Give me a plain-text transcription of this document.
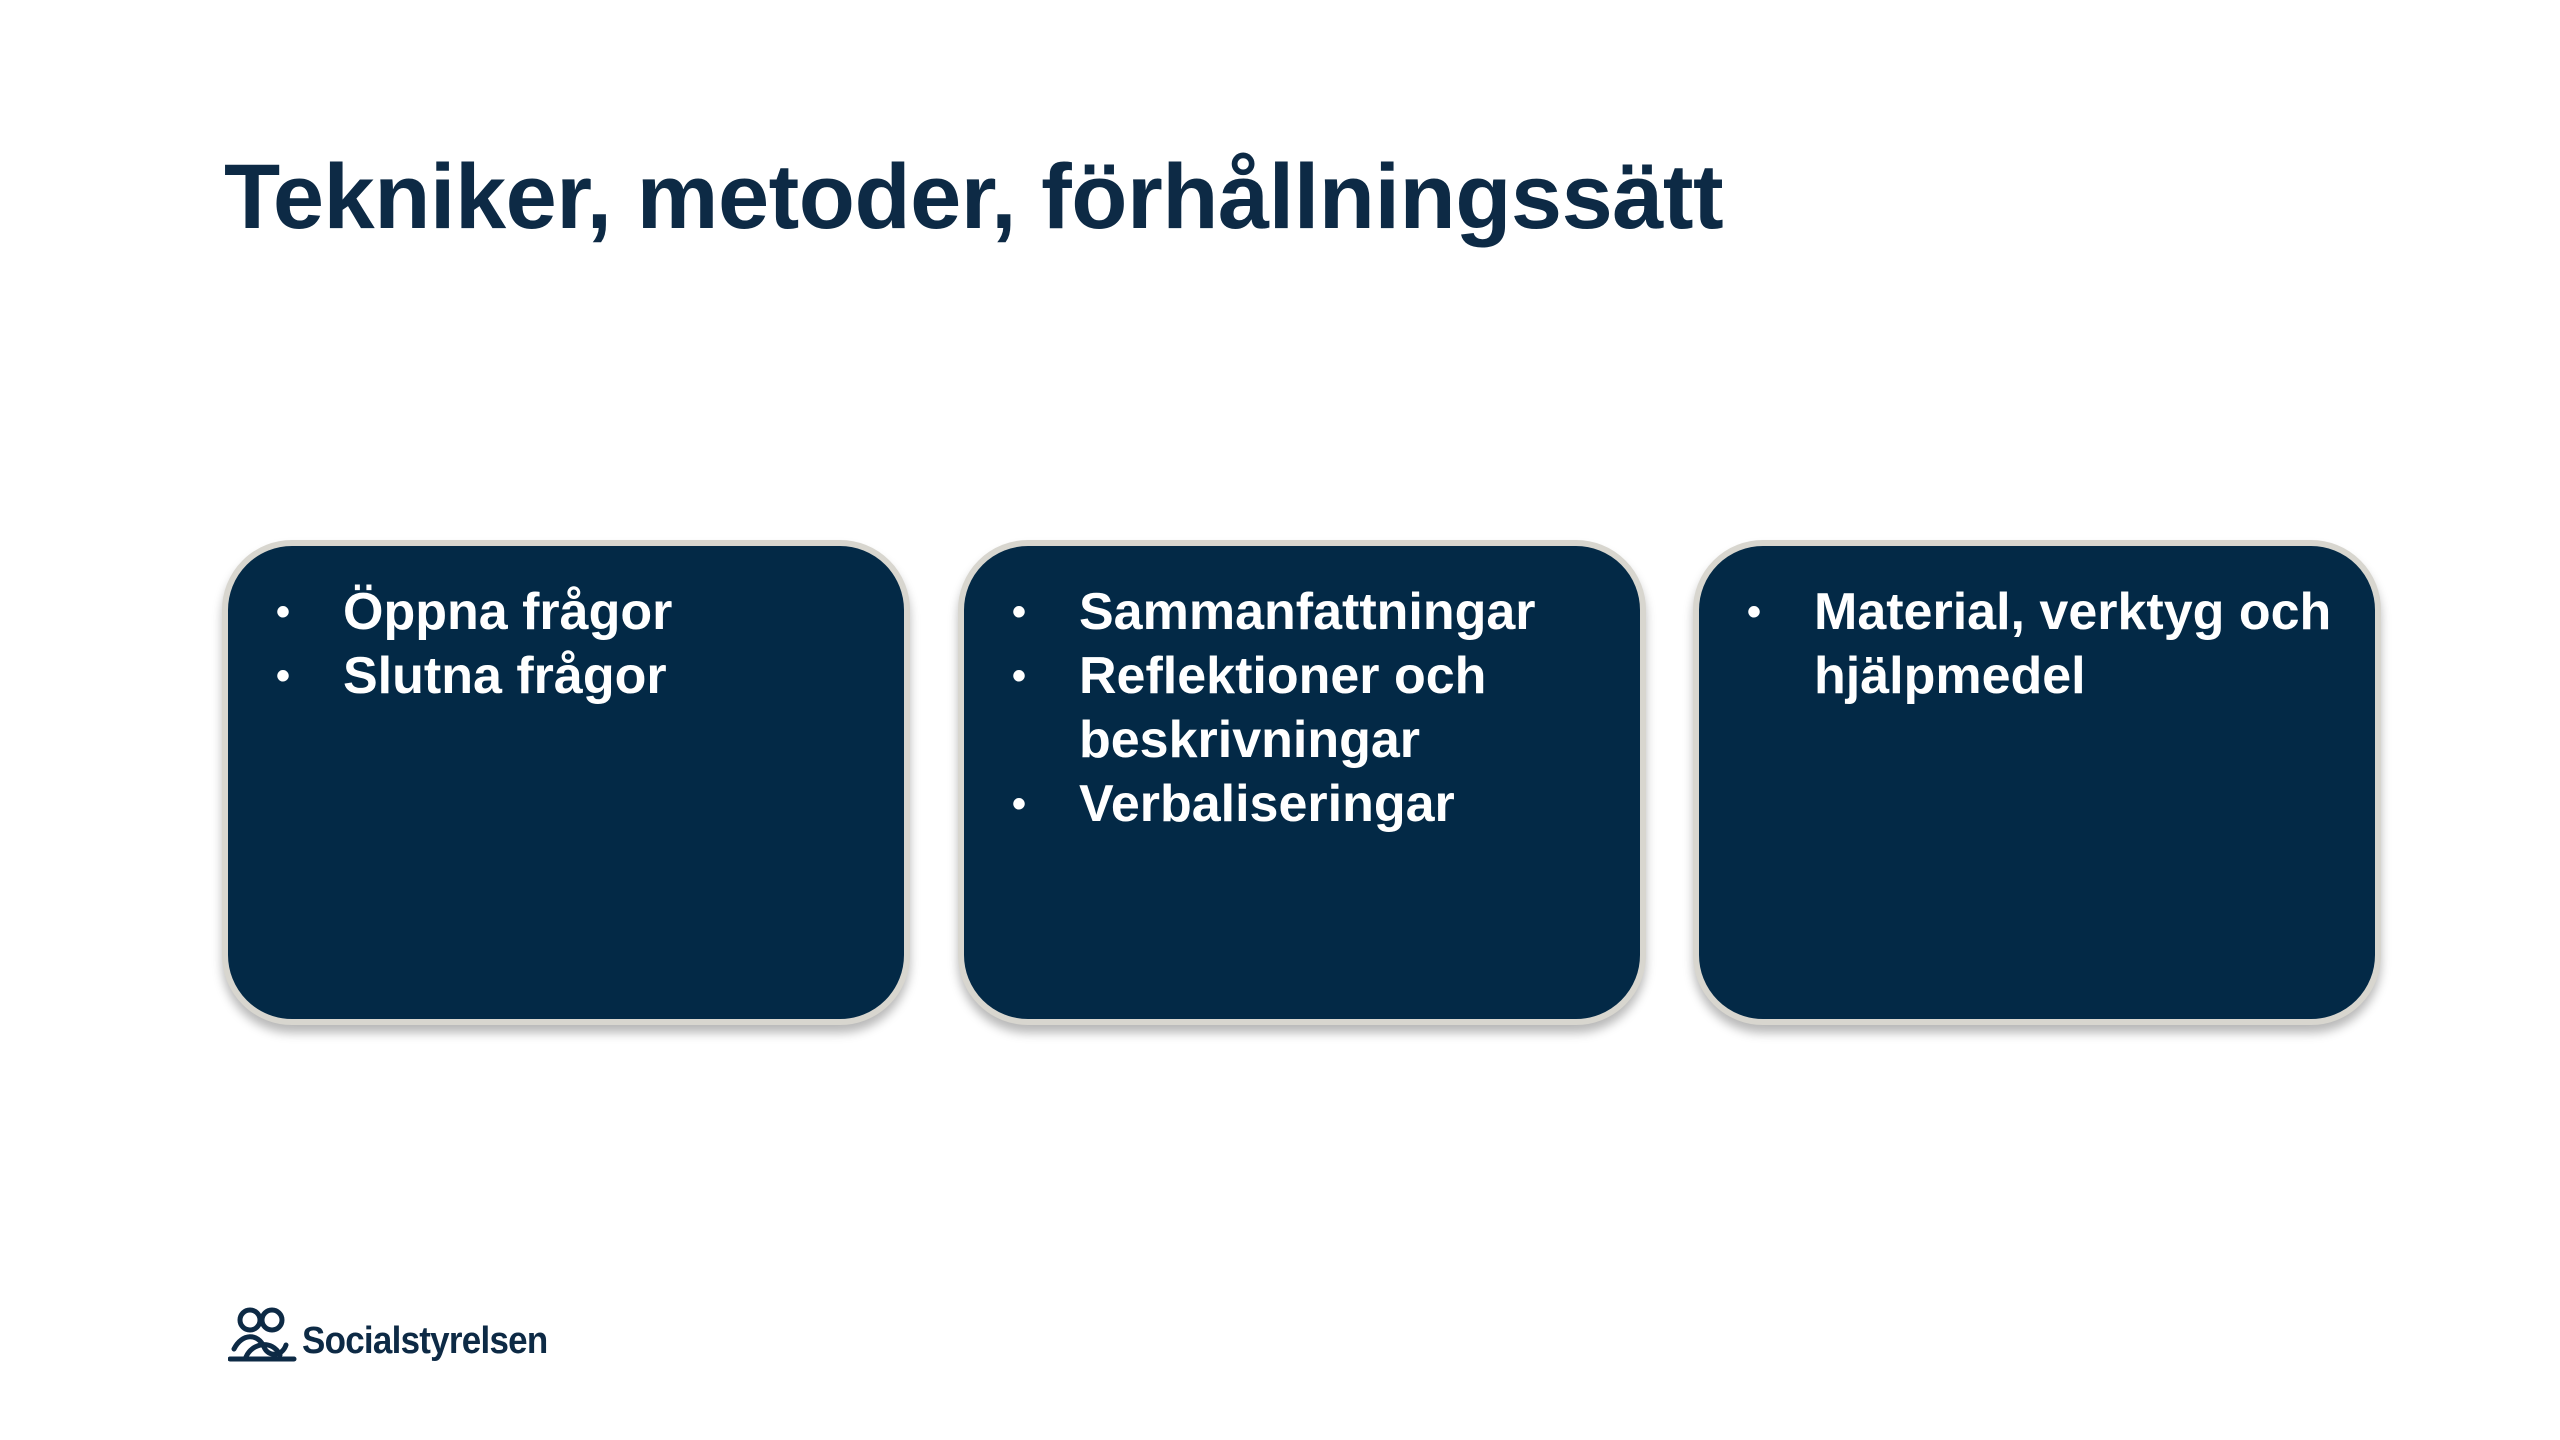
Tekniker, metoder, förhållningssätt
• Öppna frågor
• Slutna frågor
• Sammanfattningar
• Reflektioner och beskrivningar
• Verbaliseringar
• Material, verktyg och hjälpmedel
Socialstyrelsen
